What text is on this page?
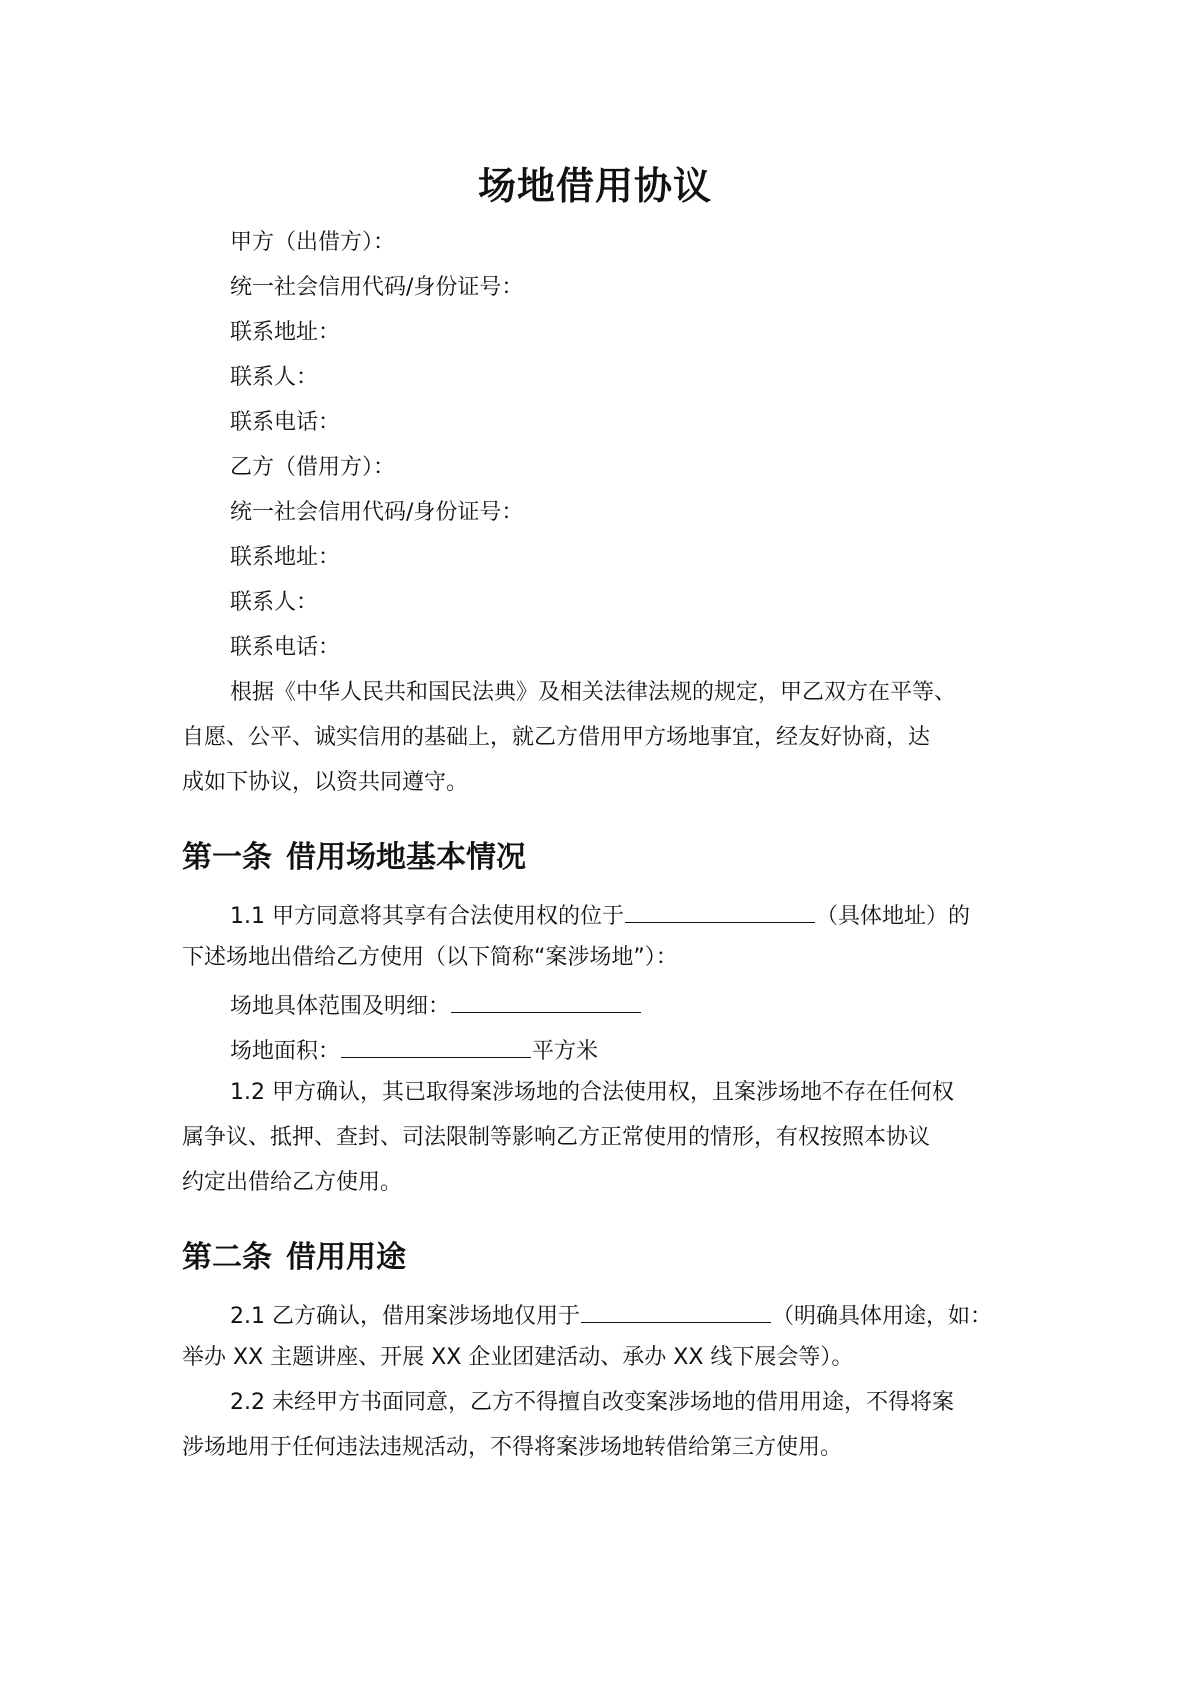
场地借用协议
甲方（出借方）：
统一社会信用代码/身份证号：
联系地址：
联系人：
联系电话：
乙方（借用方）：
统一社会信用代码/身份证号：
联系地址：
联系人：
联系电话：
根据《中华人民共和国民法典》及相关法律法规的规定，甲乙双方在平等、
自愿、公平、诚实信用的基础上，就乙方借用甲方场地事宜，经友好协商，达
成如下协议，以资共同遵守。
第一条 借用场地基本情况
1.1 甲方同意将其享有合法使用权的位于	（具体地址）的
下述场地出借给乙方使用（以下简称“案涉场地”）：
场地具体范围及明细：
场地面积：	平方米
1.2 甲方确认，其已取得案涉场地的合法使用权，且案涉场地不存在任何权
属争议、抵押、查封、司法限制等影响乙方正常使用的情形，有权按照本协议
约定出借给乙方使用。
第二条 借用用途
2.1 乙方确认，借用案涉场地仅用于	（明确具体用途，如：
举办 XX 主题讲座、开展 XX 企业团建活动、承办 XX 线下展会等）。
2.2 未经甲方书面同意，乙方不得擅自改变案涉场地的借用用途，不得将案
涉场地用于任何违法违规活动，不得将案涉场地转借给第三方使用。
